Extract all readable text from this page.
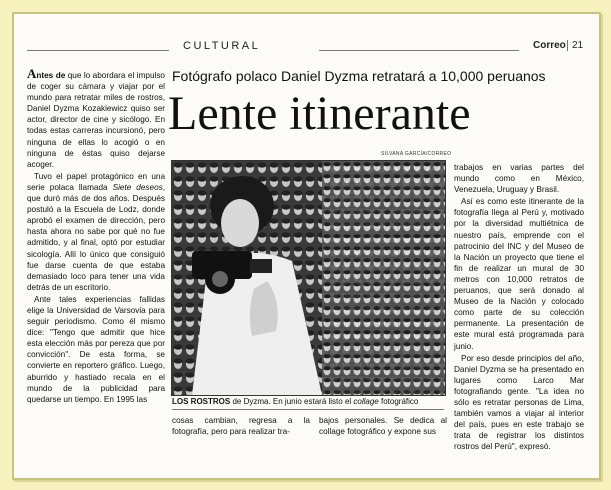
CULTURAL	Correo 21

Antes de que lo abordara el impulso de coger su cámara y viajar por el mundo para retratar miles de rostros, Daniel Dyzma Kozakiewicz quiso ser actor, director de cine y sicólogo. En todas estas carreras incursionó, pero ninguna de ellas lo acogió o en ninguna de éstas quiso dejarse acoger.

Tuvo el papel protagónico en una serie polaca llamada Siete deseos, que duró más de dos años. Después postuló a la Escuela de Lodz, donde aprobó el examen de dirección, pero hasta ahora no sabe por qué no fue admitido, y al final, optó por estudiar sicología. Allí lo único que consiguió fue darse cuenta de que estaba demasiado loco para tener una vida detrás de un escritorio.

Ante tales experiencias fallidas elige la Universidad de Varsovia para seguir periodismo. Como él mismo dice: "Tengo que admitir que hice esta elección más por pereza que por convicción". De esta forma, se convierte en reportero gráfico. Luego, aburrido y hastiado recala en el mundo de la publicidad para quedarse un tiempo. En 1995 las

Fotógrafo polaco Daniel Dyzma retratará a 10,000 peruanos
Lente itinerante
SILVANA GARCÍA/CORREO
LOS ROSTROS de Dyzma. En junio estará listo el collage fotográfico

cosas cambian, regresa a la fotografía, pero para realizar tra-

bajos personales. Se dedica al collage fotográfico y expone sus

trabajos en varias partes del mundo como en México, Venezuela, Uruguay y Brasil.

Así es como este itinerante de la fotografía llega al Perú y, motivado por la diversidad multiétnica de nuestro país, emprende con el patrocinio del INC y del Museo de la Nación un proyecto que tiene el fin de realizar un mural de 30 metros con 10,000 retratos de peruanos, que será donado al Museo de la Nación y colocado como parte de su colección permanente. La presentación de este mural está programada para junio.

Por eso desde principios del año, Daniel Dyzma se ha presentado en lugares como Larco Mar fotografiando gente. "La idea no sólo es retratar personas de Lima, también vamos a viajar al interior del país, pues en este trabajo se trata de registrar los distintos rostros del Perú", expresó.
